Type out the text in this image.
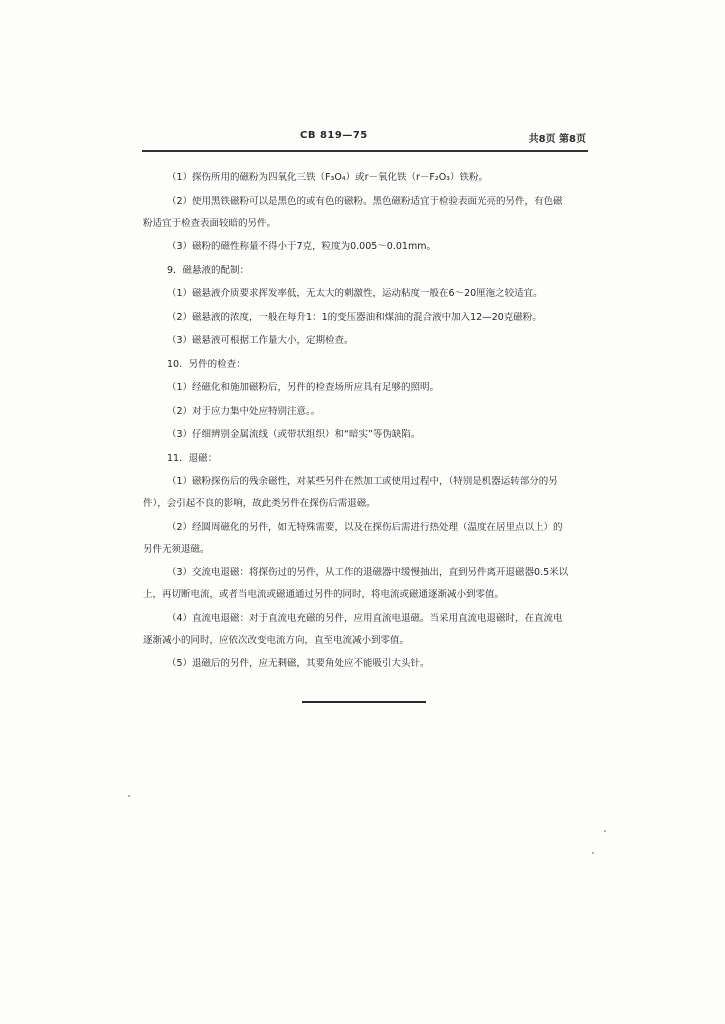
CB 819—75	共8页 第8页
（1）探伤所用的磁粉为四氧化三铁（F₃O₄）或r－氧化铁（r－F₂O₃）铁粉。
（2）使用黑铁磁粉可以是黑色的或有色的磁粉。黑色磁粉适宜于检验表面光亮的另件，有色磁
粉适宜于检查表面较暗的另件。
（3）磁粉的磁性称量不得小于7克，粒度为0.005～0.01mm。
9．磁悬液的配制：
（1）磁悬液介质要求挥发率低，无太大的刺激性，运动粘度一般在6～20厘沲之较适宜。
（2）磁悬液的浓度，一般在每升1：1的变压器油和煤油的混合液中加入12—20克磁粉。
（3）磁悬液可根据工作量大小，定期检查。
10．另件的检查：
（1）经磁化和施加磁粉后，另件的检查场所应具有足够的照明。
（2）对于应力集中处应特别注意。。
（3）仔细辨别金属流线（或带状组织）和“暗实”等伪缺陷。
11．退磁：
（1）磁粉探伤后的残余磁性，对某些另件在然加工或使用过程中，（特别是机器运转部分的另
件），会引起不良的影响，故此类另件在探伤后需退磁。
（2）经圆周磁化的另件，如无特殊需要，以及在探伤后需进行热处理（温度在居里点以上）的
另件无须退磁。
（3）交流电退磁：将探伤过的另件，从工作的退磁器中缓慢抽出，直到另件离开退磁器0.5米以
上，再切断电流，或者当电流或磁通通过另件的同时，将电流或磁通逐渐减小到零值。
（4）直流电退磁：对于直流电充磁的另件，应用直流电退磁。当采用直流电退磁时，在直流电
逐渐减小的同时，应依次改变电流方向，直至电流减小到零值。
（5）退磁后的另件，应无剩磁，其要角处应不能吸引大头针。
